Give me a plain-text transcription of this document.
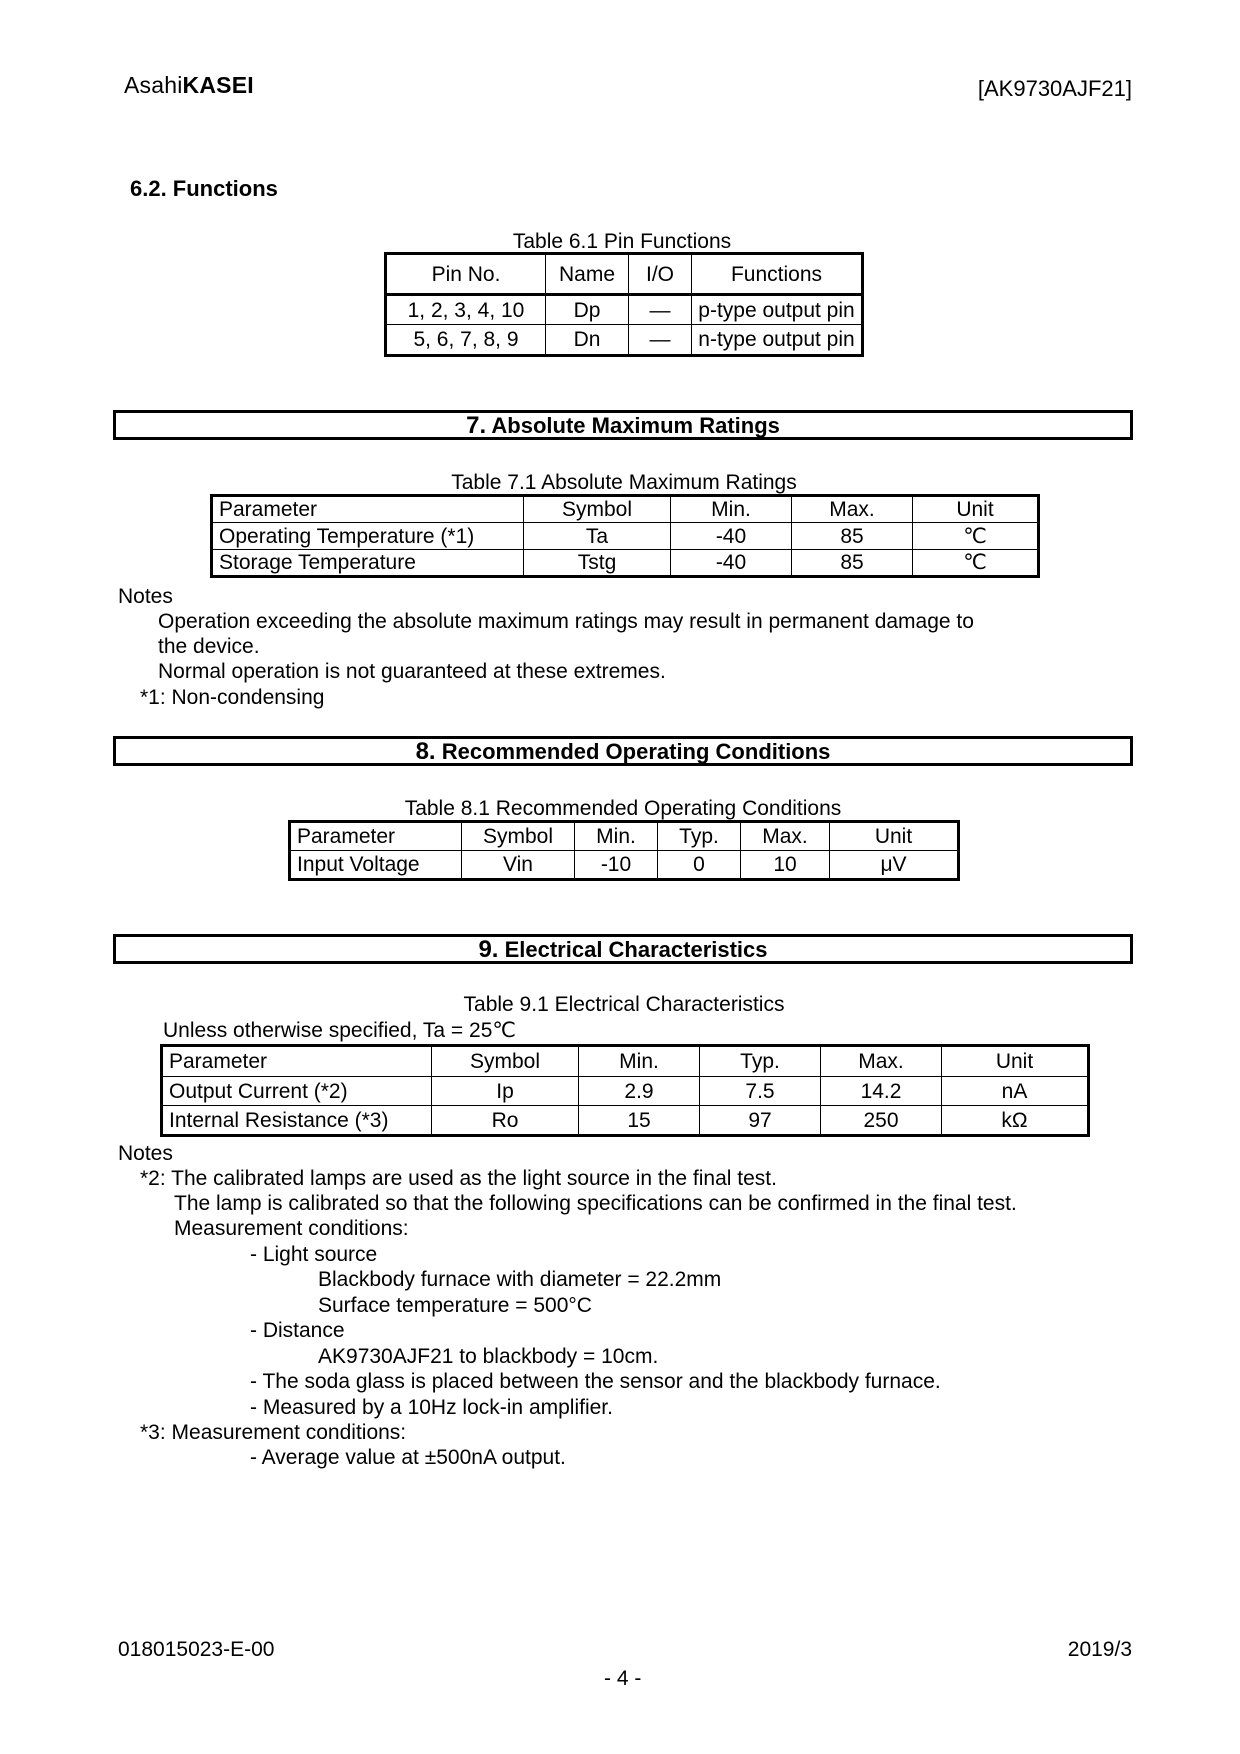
AsahiKASEI	[AK9730AJF21]
6.2. Functions
Table 6.1 Pin Functions
Pin No.	Name	I/O	Functions
1, 2, 3, 4, 10	Dp	—	p-type output pin
5, 6, 7, 8, 9	Dn	—	n-type output pin
7. Absolute Maximum Ratings
Table 7.1 Absolute Maximum Ratings
Parameter	Symbol	Min.	Max.	Unit
Operating Temperature (*1)	Ta	-40	85	℃
Storage Temperature	Tstg	-40	85	℃
Notes
Operation exceeding the absolute maximum ratings may result in permanent damage to
the device.
Normal operation is not guaranteed at these extremes.
*1: Non-condensing
8. Recommended Operating Conditions
Table 8.1 Recommended Operating Conditions
Parameter	Symbol	Min.	Typ.	Max.	Unit
Input Voltage	Vin	-10	0	10	μV
9. Electrical Characteristics
Table 9.1 Electrical Characteristics
Unless otherwise specified, Ta = 25℃
Parameter	Symbol	Min.	Typ.	Max.	Unit
Output Current (*2)	Ip	2.9	7.5	14.2	nA
Internal Resistance (*3)	Ro	15	97	250	kΩ
Notes
*2: The calibrated lamps are used as the light source in the final test.
The lamp is calibrated so that the following specifications can be confirmed in the final test.
Measurement conditions:
- Light source
Blackbody furnace with diameter = 22.2mm
Surface temperature = 500°C
- Distance
AK9730AJF21 to blackbody = 10cm.
- The soda glass is placed between the sensor and the blackbody furnace.
- Measured by a 10Hz lock-in amplifier.
*3: Measurement conditions:
- Average value at ±500nA output.
018015023-E-00
- 4 -
2019/3
